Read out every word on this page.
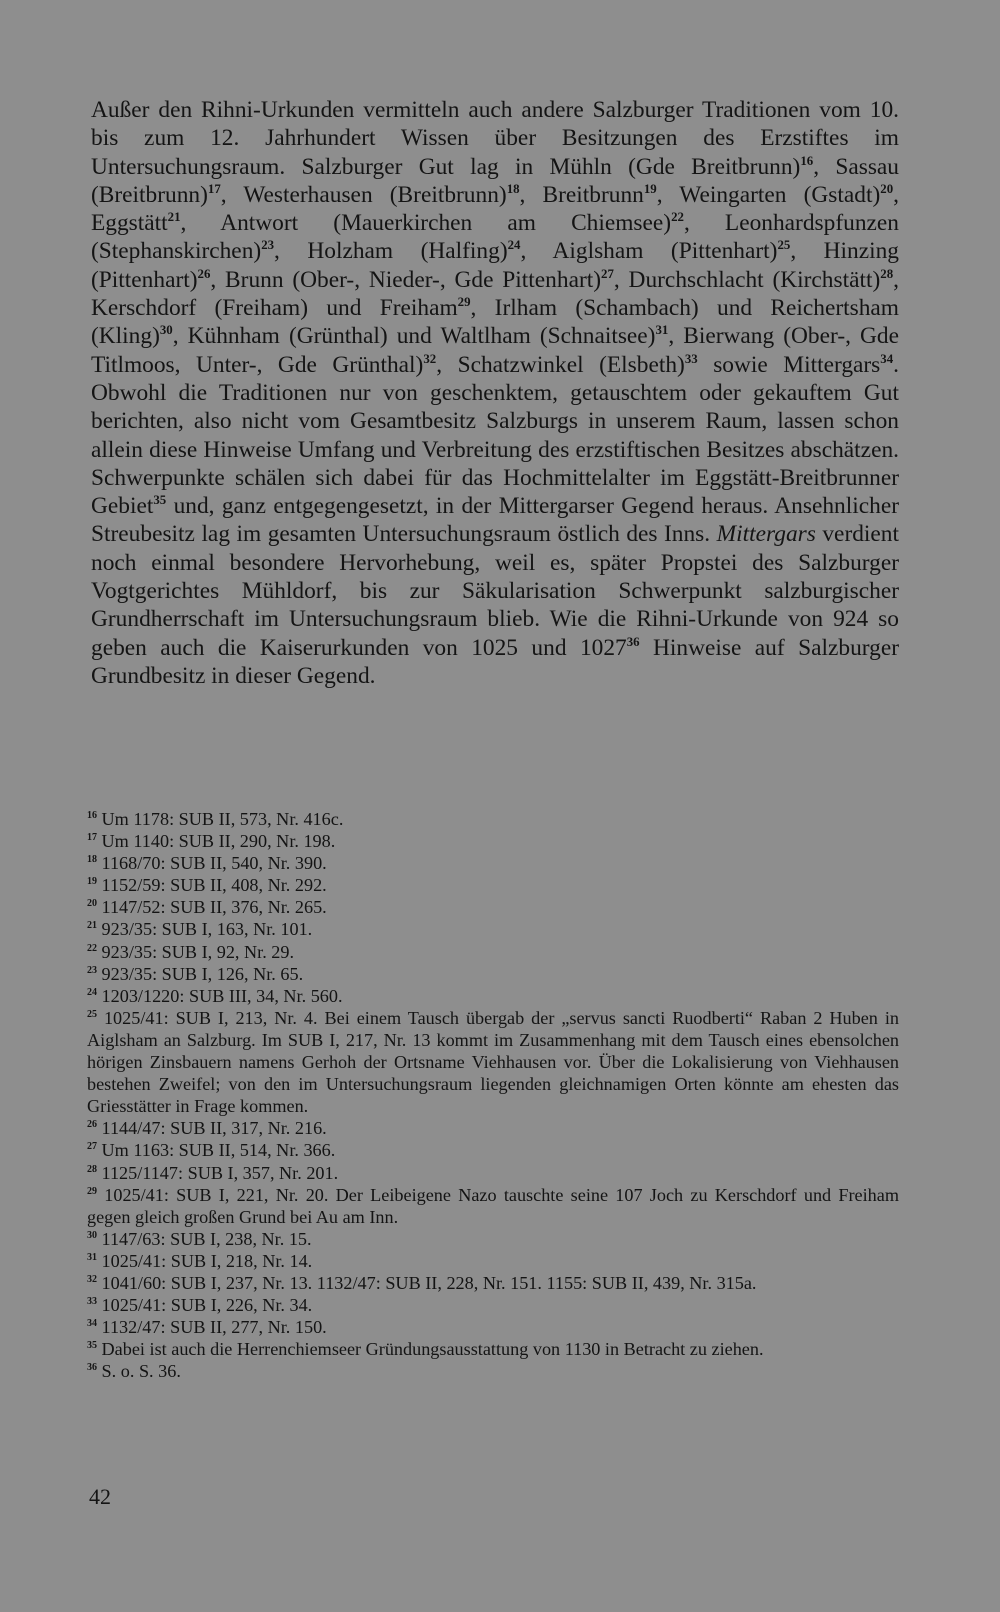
Außer den Rihni-Urkunden vermitteln auch andere Salzburger Traditionen vom 10. bis zum 12. Jahrhundert Wissen über Besitzungen des Erzstiftes im Untersuchungsraum. Salzburger Gut lag in Mühln (Gde Breitbrunn)$^{16}$, Sassau (Breitbrunn)$^{17}$, Westerhausen (Breitbrunn)$^{18}$, Breitbrunn$^{19}$, Weingarten (Gstadt)$^{20}$, Eggstätt$^{21}$, Antwort (Mauerkirchen am Chiemsee)$^{22}$, Leonhardspfunzen (Stephanskirchen)$^{23}$, Holzham (Halfing)$^{24}$, Aiglsham (Pittenhart)$^{25}$, Hinzing (Pittenhart)$^{26}$, Brunn (Ober-, Nieder-, Gde Pittenhart)$^{27}$, Durchschlacht (Kirchstätt)$^{28}$, Kerschdorf (Freiham) und Freiham$^{29}$, Irlham (Schambach) und Reichertsham (Kling)$^{30}$, Kühnham (Grünthal) und Waltlham (Schnaitsee)$^{31}$, Bierwang (Ober-, Gde Titlmoos, Unter-, Gde Grünthal)$^{32}$, Schatzwinkel (Elsbeth)$^{33}$ sowie Mittergars$^{34}$.

Obwohl die Traditionen nur von geschenktem, getauschtem oder gekauftem Gut berichten, also nicht vom Gesamtbesitz Salzburgs in unserem Raum, lassen schon allein diese Hinweise Umfang und Verbreitung des erzstiftischen Besitzes abschätzen. Schwerpunkte schälen sich dabei für das Hochmittelalter im Eggstätt-Breitbrunner Gebiet$^{35}$ und, ganz entgegengesetzt, in der Mittergarser Gegend heraus. Ansehnlicher Streubesitz lag im gesamten Untersuchungsraum östlich des Inns. Mittergars verdient noch einmal besondere Hervorhebung, weil es, später Propstei des Salzburger Vogtgerichtes Mühldorf, bis zur Säkularisation Schwerpunkt salzburgischer Grundherrschaft im Untersuchungsraum blieb. Wie die Rihni-Urkunde von 924 so geben auch die Kaiserurkunden von 1025 und 1027$^{36}$ Hinweise auf Salzburger Grundbesitz in dieser Gegend.

$^{16}$ Um 1178: SUB II, 573, Nr. 416c.

$^{17}$ Um 1140: SUB II, 290, Nr. 198.

$^{18}$ 1168/70: SUB II, 540, Nr. 390.

$^{19}$ 1152/59: SUB II, 408, Nr. 292.

$^{20}$ 1147/52: SUB II, 376, Nr. 265.

$^{21}$ 923/35: SUB I, 163, Nr. 101.

$^{22}$ 923/35: SUB I, 92, Nr. 29.

$^{23}$ 923/35: SUB I, 126, Nr. 65.

$^{24}$ 1203/1220: SUB III, 34, Nr. 560.

$^{25}$ 1025/41: SUB I, 213, Nr. 4. Bei einem Tausch übergab der „servus sancti Ruodberti“ Raban 2 Huben in Aiglsham an Salzburg. Im SUB I, 217, Nr. 13 kommt im Zusammenhang mit dem Tausch eines ebensolchen hörigen Zinsbauern namens Gerhoh der Ortsname Viehhausen vor. Über die Lokalisierung von Viehhausen bestehen Zweifel; von den im Untersuchungsraum liegenden gleichnamigen Orten könnte am ehesten das Griesstätter in Frage kommen.

$^{26}$ 1144/47: SUB II, 317, Nr. 216.

$^{27}$ Um 1163: SUB II, 514, Nr. 366.

$^{28}$ 1125/1147: SUB I, 357, Nr. 201.

$^{29}$ 1025/41: SUB I, 221, Nr. 20. Der Leibeigene Nazo tauschte seine 107 Joch zu Kerschdorf und Freiham gegen gleich großen Grund bei Au am Inn.

$^{30}$ 1147/63: SUB I, 238, Nr. 15.

$^{31}$ 1025/41: SUB I, 218, Nr. 14.

$^{32}$ 1041/60: SUB I, 237, Nr. 13. 1132/47: SUB II, 228, Nr. 151. 1155: SUB II, 439, Nr. 315a.

$^{33}$ 1025/41: SUB I, 226, Nr. 34.

$^{34}$ 1132/47: SUB II, 277, Nr. 150.

$^{35}$ Dabei ist auch die Herrenchiemseer Gründungsausstattung von 1130 in Betracht zu ziehen.

$^{36}$ S. o. S. 36.

42
